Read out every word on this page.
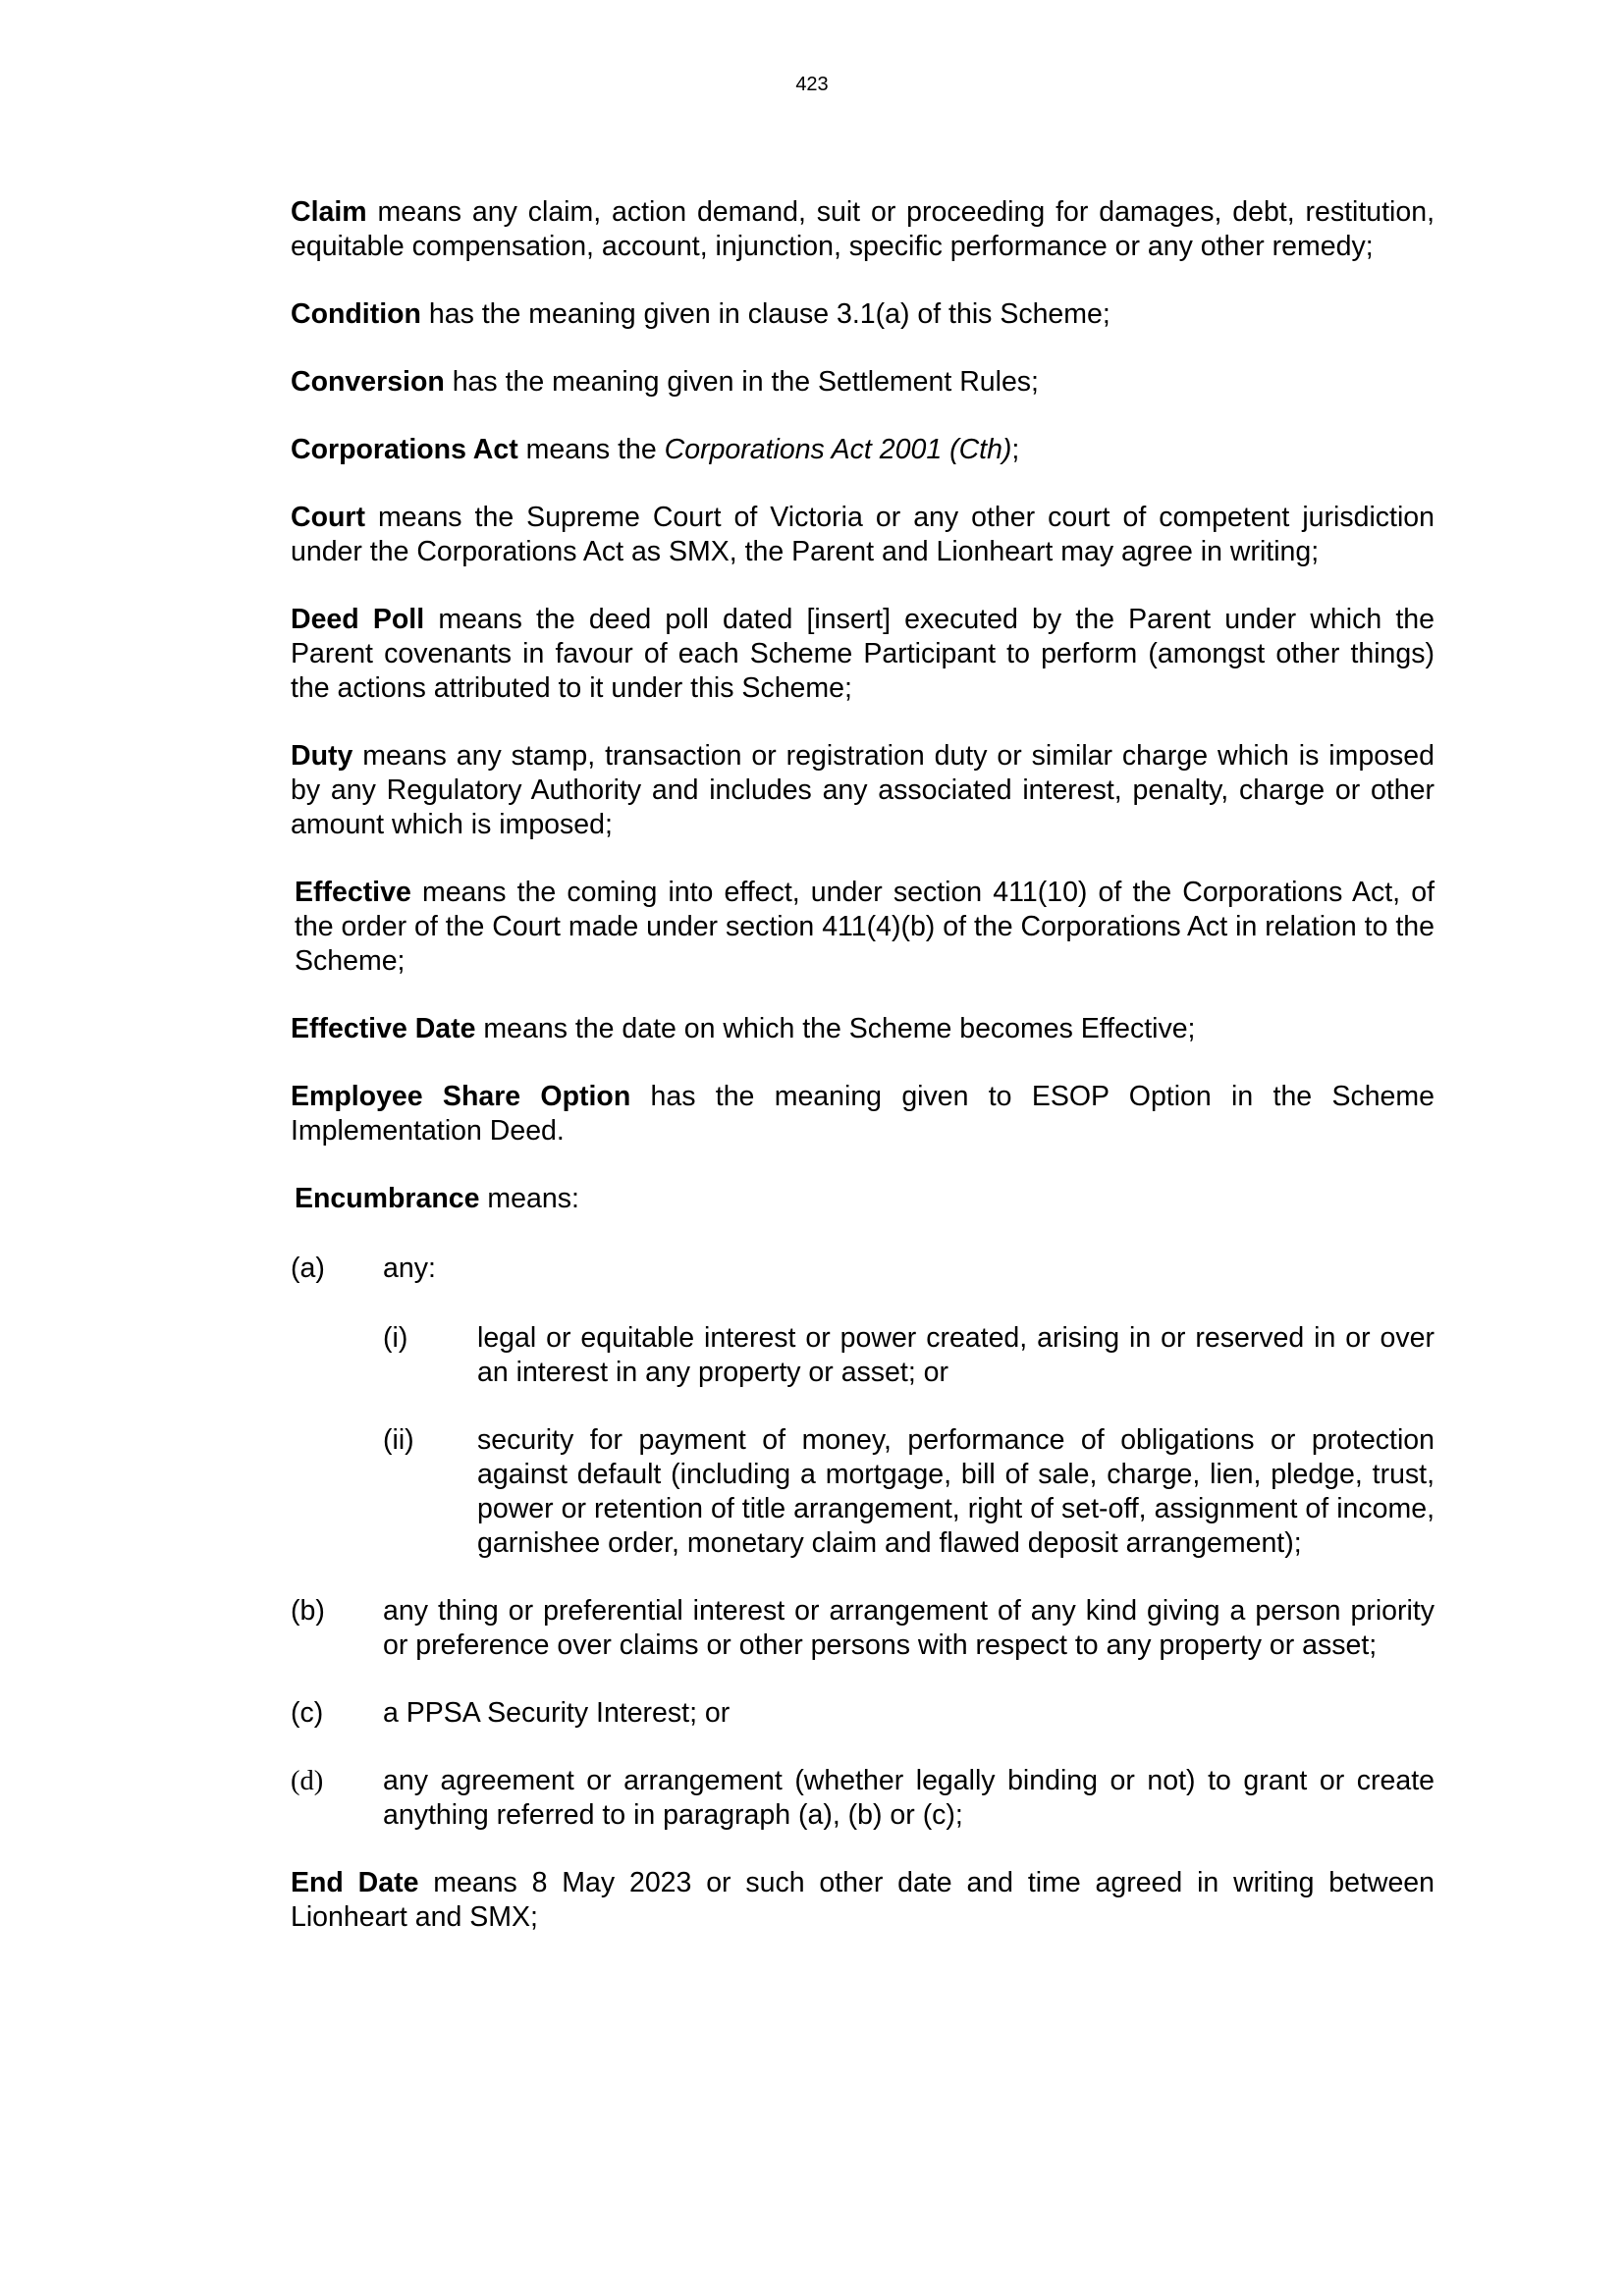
423

Claim means any claim, action demand, suit or proceeding for damages, debt, restitution, equitable compensation, account, injunction, specific performance or any other remedy;

Condition has the meaning given in clause 3.1(a) of this Scheme;

Conversion has the meaning given in the Settlement Rules;

Corporations Act means the Corporations Act 2001 (Cth);

Court means the Supreme Court of Victoria or any other court of competent jurisdiction under the Corporations Act as SMX, the Parent and Lionheart may agree in writing;

Deed Poll means the deed poll dated [insert] executed by the Parent under which the Parent covenants in favour of each Scheme Participant to perform (amongst other things) the actions attributed to it under this Scheme;

Duty means any stamp, transaction or registration duty or similar charge which is imposed by any Regulatory Authority and includes any associated interest, penalty, charge or other amount which is imposed;

Effective means the coming into effect, under section 411(10) of the Corporations Act, of the order of the Court made under section 411(4)(b) of the Corporations Act in relation to the Scheme;

Effective Date means the date on which the Scheme becomes Effective;

Employee Share Option has the meaning given to ESOP Option in the Scheme Implementation Deed.

Encumbrance means:

(a) any:
(i) legal or equitable interest or power created, arising in or reserved in or over an interest in any property or asset; or
(ii) security for payment of money, performance of obligations or protection against default (including a mortgage, bill of sale, charge, lien, pledge, trust, power or retention of title arrangement, right of set-off, assignment of income, garnishee order, monetary claim and flawed deposit arrangement);
(b) any thing or preferential interest or arrangement of any kind giving a person priority or preference over claims or other persons with respect to any property or asset;
(c) a PPSA Security Interest; or
(d) any agreement or arrangement (whether legally binding or not) to grant or create anything referred to in paragraph (a), (b) or (c);

End Date means 8 May 2023 or such other date and time agreed in writing between Lionheart and SMX;
